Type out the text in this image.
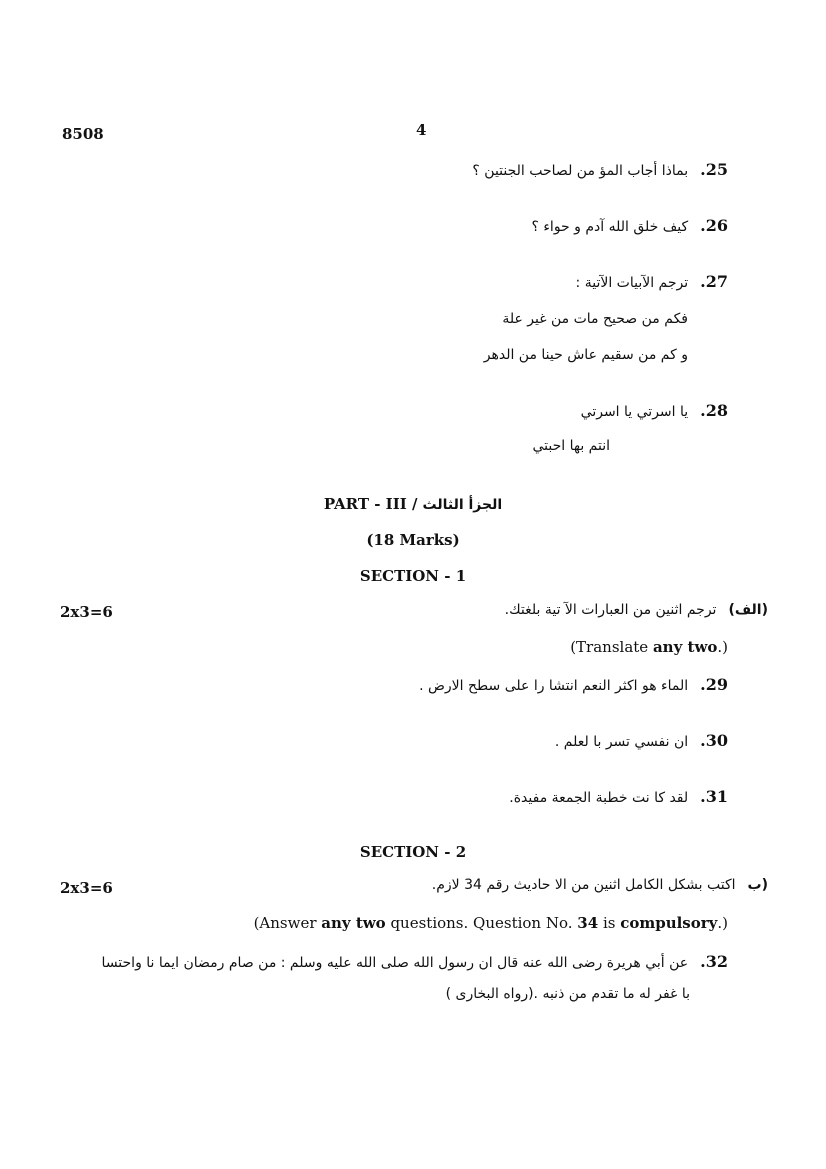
8508	4
.25
بماذا أجاب المؤ من لصاحب الجنتين ؟
.26
كيف خلق الله آدم و حواء ؟
.27
ترجم الآبيات الآتية :
فكم من صحيح مات من غير علة
و كم من سقيم عاش حينا من الدهر
.28
يا اسرتي يا اسرتي
انتم بها احبتي
PART - III / الجزأ الثالث
(18 Marks)
SECTION - 1
2x3=6	(الف)
ترجم اثنين من العبارات الآ تية بلغتك.
(Translate any two.)
.29
الماء هو اكثر النعم انتشا را على سطح الارض .
.30
ان نفسي تسر با لعلم .
.31
لقد كا نت خطبة الجمعة مفيدة.
SECTION - 2
2x3=6	(ب
اكتب بشكل الكامل اثنين من الا حاديث رقم 34 لازم.
(Answer any two questions. Question No. 34 is compulsory.)
.32
عن أبي هريرة رضى الله عنه قال ان رسول الله صلى الله عليه وسلم : من صام رمضان ايما نا واحتسا
با غفر له ما تقدم من ذنبه .(رواه البخارى )
